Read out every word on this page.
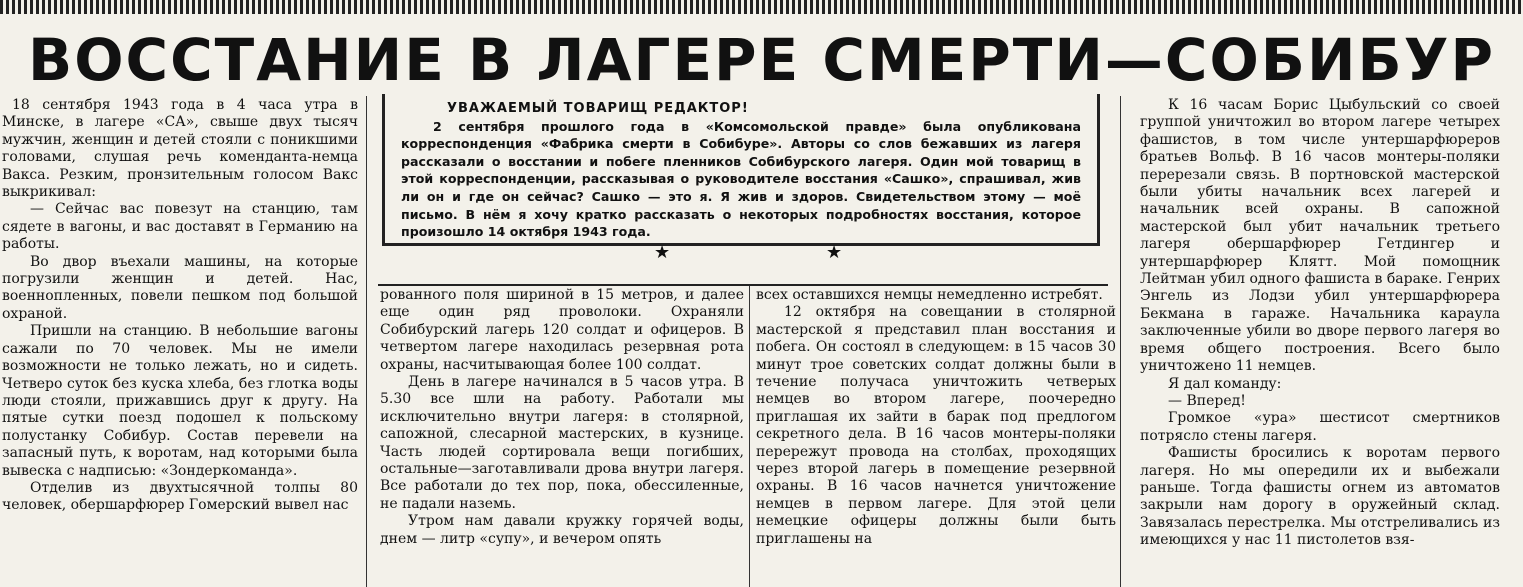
ВОССТАНИЕ В ЛАГЕРЕ СМЕРТИ—СОБИБУР

18 сентября 1943 года в 4 часа утра в Минске, в лагере «СА», свыше двух тысяч мужчин, женщин и детей стояли с поникшими головами, слушая речь коменданта-немца Вакса. Резким, пронзительным голосом Вакс выкрикивал:

— Сейчас вас повезут на станцию, там сядете в вагоны, и вас доставят в Германию на работы.

Во двор въехали машины, на которые погрузили женщин и детей. Нас, военнопленных, повели пешком под большой охраной.

Пришли на станцию. В небольшие вагоны сажали по 70 человек. Мы не имели возможности не только лежать, но и сидеть. Четверо суток без куска хлеба, без глотка воды люди стояли, прижавшись друг к другу. На пятые сутки поезд подошел к польскому полустанку Собибур. Состав перевели на запасный путь, к воротам, над которыми была вывеска с надписью: «Зондеркоманда».

Отделив из двухтысячной толпы 80 человек, обершарфюрер Гомерский вывел нас

УВАЖАЕМЫЙ ТОВАРИЩ РЕДАКТОР!

2 сентября прошлого года в «Комсомольской правде» была опубликована корреспонденция «Фабрика смерти в Собибуре». Авторы со слов бежавших из лагеря рассказали о восстании и побеге пленников Собибурского лагеря. Один мой товарищ в этой корреспонденции, рассказывая о руководителе восстания «Сашко», спрашивал, жив ли он и где он сейчас? Сашко — это я. Я жив и здоров. Свидетельством этому — моё письмо. В нём я хочу кратко рассказать о некоторых подробностях восстания, которое произошло 14 октября 1943 года.

★	★

рованного поля шириной в 15 метров, и далее еще один ряд проволоки. Охраняли Собибурский лагерь 120 солдат и офицеров. В четвертом лагере находилась резервная рота охраны, насчитывающая более 100 солдат.

День в лагере начинался в 5 часов утра. В 5.30 все шли на работу. Работали мы исключительно внутри лагеря: в столярной, сапожной, слесарной мастерских, в кузнице. Часть людей сортировала вещи погибших, остальные—заготавливали дрова внутри лагеря. Все работали до тех пор, пока, обессиленные, не падали наземь.

Утром нам давали кружку горячей воды, днем — литр «супу», и вечером опять

всех оставшихся немцы немедленно истребят.

12 октября на совещании в столярной мастерской я представил план восстания и побега. Он состоял в следующем: в 15 часов 30 минут трое советских солдат должны были в течение получаса уничтожить четверых немцев во втором лагере, поочередно приглашая их зайти в барак под предлогом секретного дела. В 16 часов монтеры-поляки перережут провода на столбах, проходящих через второй лагерь в помещение резервной охраны. В 16 часов начнется уничтожение немцев в первом лагере. Для этой цели немецкие офицеры должны были быть приглашены на

К 16 часам Борис Цыбульский со своей группой уничтожил во втором лагере четырех фашистов, в том числе унтершарфюреров братьев Вольф. В 16 часов монтеры-поляки перерезали связь. В портновской мастерской были убиты начальник всех лагерей и начальник всей охраны. В сапожной мастерской был убит начальник третьего лагеря обершарфюрер Гетдингер и унтершарфюрер Клятт. Мой помощник Лейтман убил одного фашиста в бараке. Генрих Энгель из Лодзи убил унтершарфюрера Бекмана в гараже. Начальника караула заключенные убили во дворе первого лагеря во время общего построения. Всего было уничтожено 11 немцев.

Я дал команду:

— Вперед!

Громкое «ура» шестисот смертников потрясло стены лагеря.

Фашисты бросились к воротам первого лагеря. Но мы опередили их и выбежали раньше. Тогда фашисты огнем из автоматов закрыли нам дорогу в оружейный склад. Завязалась перестрелка. Мы отстреливались из имеющихся у нас 11 пистолетов взя-
